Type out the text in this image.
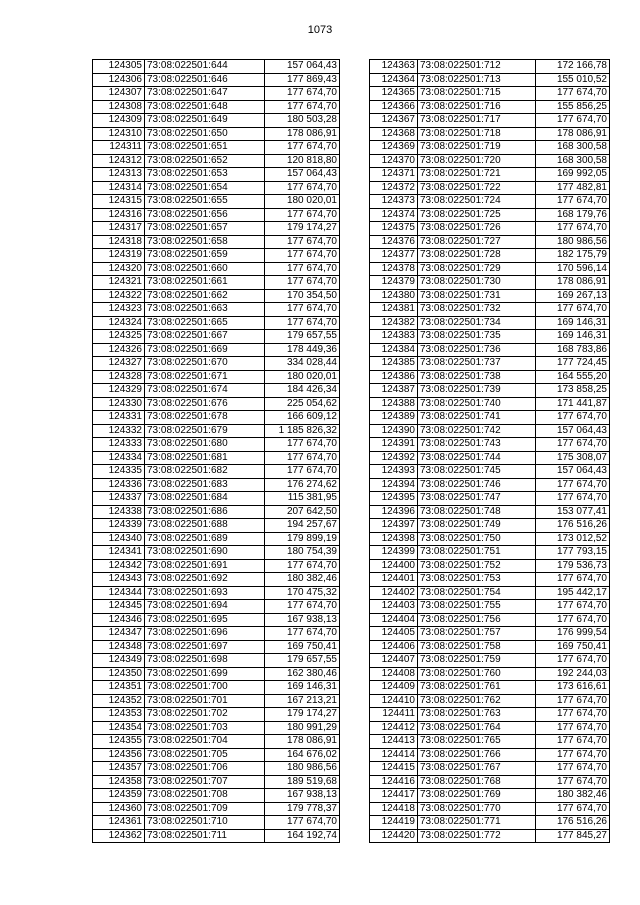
1073
124305	73:08:022501:644	157 064,43
124306	73:08:022501:646	177 869,43
124307	73:08:022501:647	177 674,70
124308	73:08:022501:648	177 674,70
124309	73:08:022501:649	180 503,28
124310	73:08:022501:650	178 086,91
124311	73:08:022501:651	177 674,70
124312	73:08:022501:652	120 818,80
124313	73:08:022501:653	157 064,43
124314	73:08:022501:654	177 674,70
124315	73:08:022501:655	180 020,01
124316	73:08:022501:656	177 674,70
124317	73:08:022501:657	179 174,27
124318	73:08:022501:658	177 674,70
124319	73:08:022501:659	177 674,70
124320	73:08:022501:660	177 674,70
124321	73:08:022501:661	177 674,70
124322	73:08:022501:662	170 354,50
124323	73:08:022501:663	177 674,70
124324	73:08:022501:665	177 674,70
124325	73:08:022501:667	179 657,55
124326	73:08:022501:669	178 449,36
124327	73:08:022501:670	334 028,44
124328	73:08:022501:671	180 020,01
124329	73:08:022501:674	184 426,34
124330	73:08:022501:676	225 054,62
124331	73:08:022501:678	166 609,12
124332	73:08:022501:679	1 185 826,32
124333	73:08:022501:680	177 674,70
124334	73:08:022501:681	177 674,70
124335	73:08:022501:682	177 674,70
124336	73:08:022501:683	176 274,62
124337	73:08:022501:684	115 381,95
124338	73:08:022501:686	207 642,50
124339	73:08:022501:688	194 257,67
124340	73:08:022501:689	179 899,19
124341	73:08:022501:690	180 754,39
124342	73:08:022501:691	177 674,70
124343	73:08:022501:692	180 382,46
124344	73:08:022501:693	170 475,32
124345	73:08:022501:694	177 674,70
124346	73:08:022501:695	167 938,13
124347	73:08:022501:696	177 674,70
124348	73:08:022501:697	169 750,41
124349	73:08:022501:698	179 657,55
124350	73:08:022501:699	162 380,46
124351	73:08:022501:700	169 146,31
124352	73:08:022501:701	167 213,21
124353	73:08:022501:702	179 174,27
124354	73:08:022501:703	180 991,29
124355	73:08:022501:704	178 086,91
124356	73:08:022501:705	164 676,02
124357	73:08:022501:706	180 986,56
124358	73:08:022501:707	189 519,68
124359	73:08:022501:708	167 938,13
124360	73:08:022501:709	179 778,37
124361	73:08:022501:710	177 674,70
124362	73:08:022501:711	164 192,74
124363	73:08:022501:712	172 166,78
124364	73:08:022501:713	155 010,52
124365	73:08:022501:715	177 674,70
124366	73:08:022501:716	155 856,25
124367	73:08:022501:717	177 674,70
124368	73:08:022501:718	178 086,91
124369	73:08:022501:719	168 300,58
124370	73:08:022501:720	168 300,58
124371	73:08:022501:721	169 992,05
124372	73:08:022501:722	177 482,81
124373	73:08:022501:724	177 674,70
124374	73:08:022501:725	168 179,76
124375	73:08:022501:726	177 674,70
124376	73:08:022501:727	180 986,56
124377	73:08:022501:728	182 175,79
124378	73:08:022501:729	170 596,14
124379	73:08:022501:730	178 086,91
124380	73:08:022501:731	169 267,13
124381	73:08:022501:732	177 674,70
124382	73:08:022501:734	169 146,31
124383	73:08:022501:735	169 146,31
124384	73:08:022501:736	168 783,86
124385	73:08:022501:737	177 724,45
124386	73:08:022501:738	164 555,20
124387	73:08:022501:739	173 858,25
124388	73:08:022501:740	171 441,87
124389	73:08:022501:741	177 674,70
124390	73:08:022501:742	157 064,43
124391	73:08:022501:743	177 674,70
124392	73:08:022501:744	175 308,07
124393	73:08:022501:745	157 064,43
124394	73:08:022501:746	177 674,70
124395	73:08:022501:747	177 674,70
124396	73:08:022501:748	153 077,41
124397	73:08:022501:749	176 516,26
124398	73:08:022501:750	173 012,52
124399	73:08:022501:751	177 793,15
124400	73:08:022501:752	179 536,73
124401	73:08:022501:753	177 674,70
124402	73:08:022501:754	195 442,17
124403	73:08:022501:755	177 674,70
124404	73:08:022501:756	177 674,70
124405	73:08:022501:757	176 999,54
124406	73:08:022501:758	169 750,41
124407	73:08:022501:759	177 674,70
124408	73:08:022501:760	192 244,03
124409	73:08:022501:761	173 616,61
124410	73:08:022501:762	177 674,70
124411	73:08:022501:763	177 674,70
124412	73:08:022501:764	177 674,70
124413	73:08:022501:765	177 674,70
124414	73:08:022501:766	177 674,70
124415	73:08:022501:767	177 674,70
124416	73:08:022501:768	177 674,70
124417	73:08:022501:769	180 382,46
124418	73:08:022501:770	177 674,70
124419	73:08:022501:771	176 516,26
124420	73:08:022501:772	177 845,27
